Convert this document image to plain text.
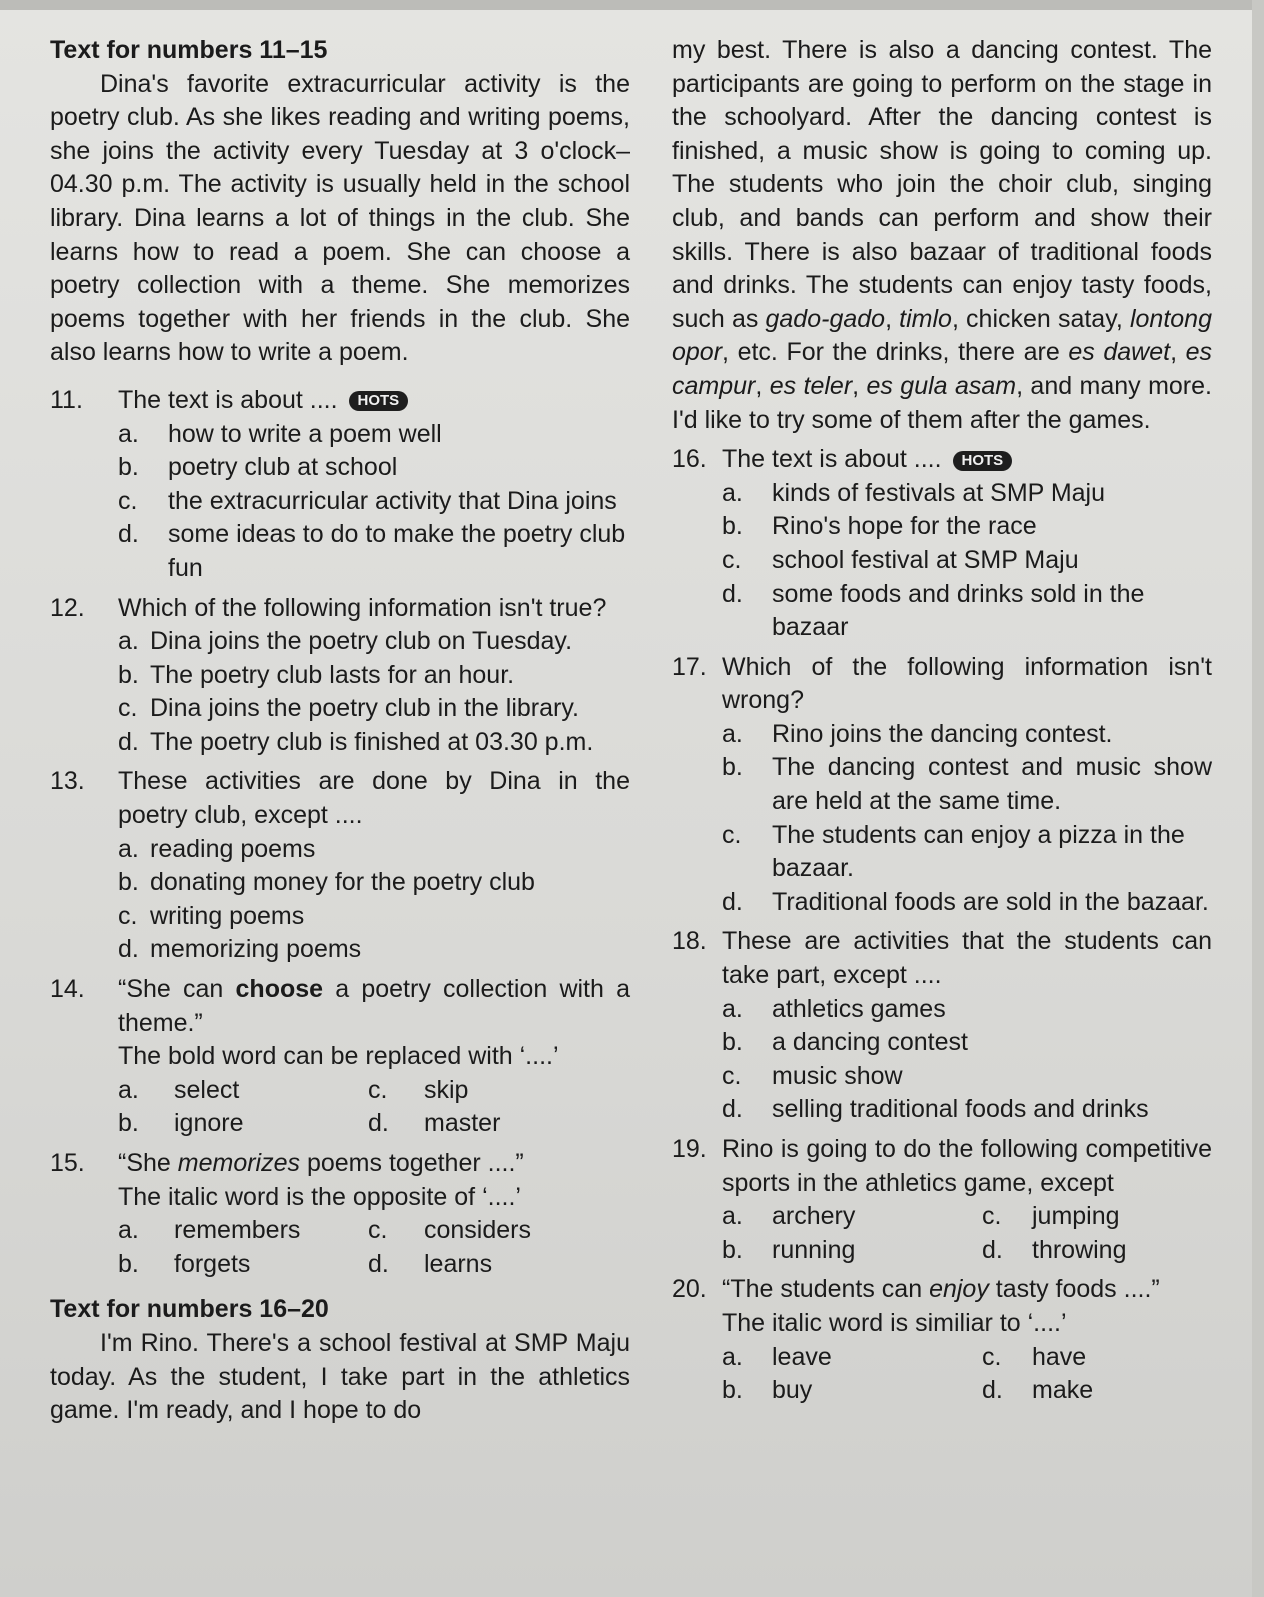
Text for numbers 11–15

Dina's favorite extracurricular activity is the poetry club. As she likes reading and writing poems, she joins the activity every Tuesday at 3 o'clock–04.30 p.m. The activity is usually held in the school library. Dina learns a lot of things in the club. She learns how to read a poem. She can choose a poetry collection with a theme. She memorizes poems together with her friends in the club. She also learns how to write a poem.

11.	The text is about .... HOTS
a.	how to write a poem well
b.	poetry club at school
c.	the extracurricular activity that Dina joins
d.	some ideas to do to make the poetry club fun
12.	Which of the following information isn't true?
a. Dina joins the poetry club on Tuesday.
b. The poetry club lasts for an hour.
c. Dina joins the poetry club in the library.
d. The poetry club is finished at 03.30 p.m.
13.	These activities are done by Dina in the poetry club, except ....
a. reading poems
b. donating money for the poetry club
c. writing poems
d. memorizing poems
14.	“She can choose a poetry collection with a theme.”
The bold word can be replaced with ‘....’
a.	select	c.	skip
b.	ignore	d.	master
15.	“She memorizes poems together ....”
The italic word is the opposite of ‘....’
a.	remembers	c.	considers
b.	forgets	d.	learns

Text for numbers 16–20

I'm Rino. There's a school festival at SMP Maju today. As the student, I take part in the athletics game. I'm ready, and I hope to do

my best. There is also a dancing contest. The participants are going to perform on the stage in the schoolyard. After the dancing contest is finished, a music show is going to coming up. The students who join the choir club, singing club, and bands can perform and show their skills. There is also bazaar of traditional foods and drinks. The students can enjoy tasty foods, such as gado-gado, timlo, chicken satay, lontong opor, etc. For the drinks, there are es dawet, es campur, es teler, es gula asam, and many more. I'd like to try some of them after the games.

16. The text is about .... HOTS
a.	kinds of festivals at SMP Maju
b.	Rino's hope for the race
c.	school festival at SMP Maju
d.	some foods and drinks sold in the bazaar
17. Which of the following information isn't wrong?
a.	Rino joins the dancing contest.
b.	The dancing contest and music show are held at the same time.
c.	The students can enjoy a pizza in the bazaar.
d.	Traditional foods are sold in the bazaar.
18. These are activities that the students can take part, except ....
a.	athletics games
b.	a dancing contest
c.	music show
d.	selling traditional foods and drinks
19. Rino is going to do the following competitive sports in the athletics game, except
a.	archery	c.	jumping
b.	running	d.	throwing
20. “The students can enjoy tasty foods ....”
The italic word is similiar to ‘....’
a.	leave	c.	have
b.	buy	d.	make
